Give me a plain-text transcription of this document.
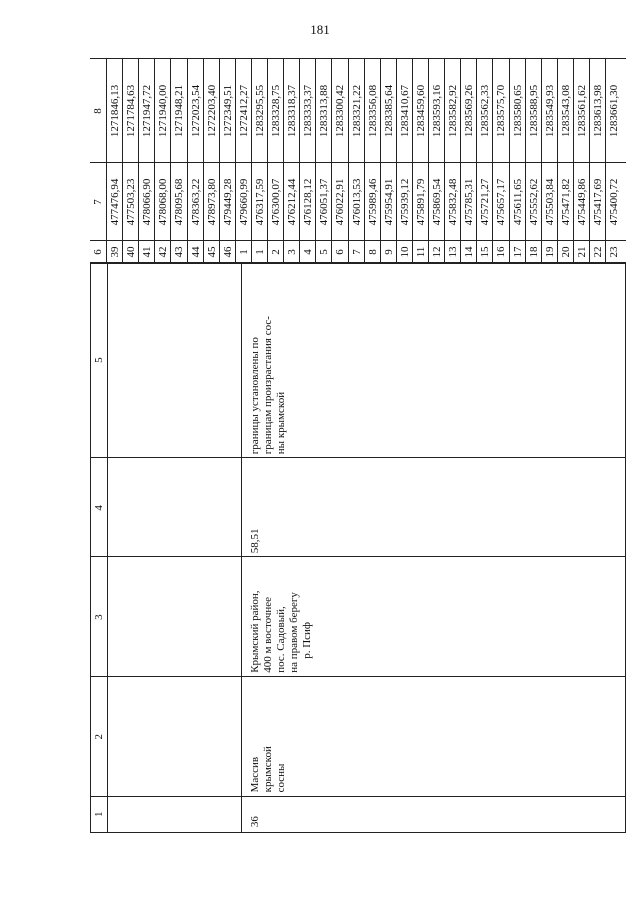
181
1
2
3
4
5
36
Массив крымской сосны
Крымский район, 400 м восточнее пос. Садовый, на правом берегу р. Псиф
58,51
границы установлены по границам произрастания сос- ны крымской
6
7
8
39
477476,94
1271846,13
40
477503,23
1271784,63
41
478066,90
1271947,72
42
478068,00
1271940,00
43
478095,68
1271948,21
44
478363,22
1272023,54
45
478973,80
1272203,40
46
479449,28
1272349,51
1
479660,99
1272412,27
1
476317,59
1283295,55
2
476300,07
1283328,75
3
476212,44
1283318,37
4
476128,12
1283333,37
5
476051,37
1283313,88
6
476022,91
1283300,42
7
476013,53
1283321,22
8
475989,46
1283356,08
9
475954,91
1283385,64
10
475939,12
1283410,67
11
475891,79
1283459,60
12
475869,54
1283593,16
13
475832,48
1283582,92
14
475785,31
1283569,26
15
475721,27
1283562,33
16
475657,17
1283575,70
17
475611,65
1283580,65
18
475552,62
1283588,95
19
475503,84
1283549,93
20
475471,82
1283543,08
21
475449,86
1283561,62
22
475417,69
1283613,98
23
475400,72
1283661,30
